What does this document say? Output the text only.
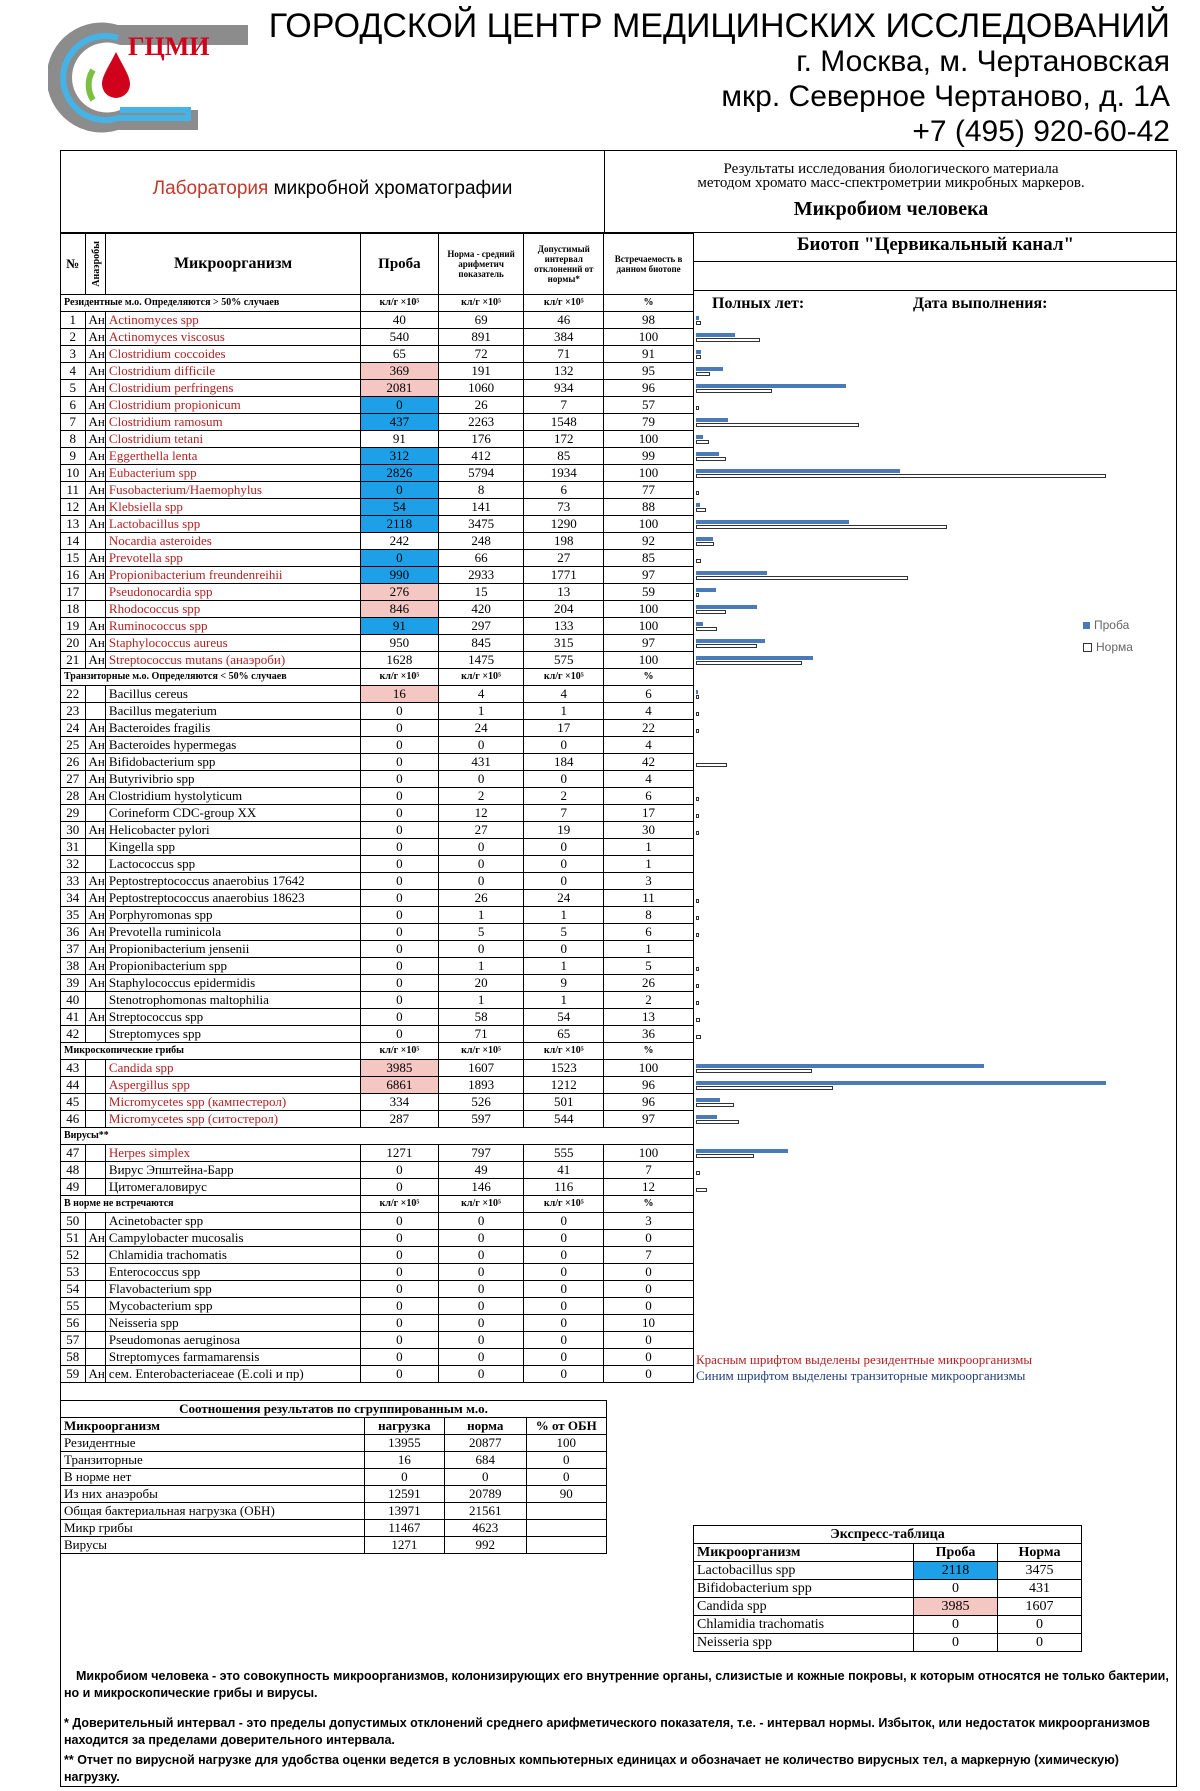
ГЦМИ
ГОРОДСКОЙ ЦЕНТР МЕДИЦИНСКИХ ИССЛЕДОВАНИЙ
г. Москва, м. Чертановская
мкр. Северное Чертаново, д. 1А
+7 (495) 920-60-42
Лаборатория микробной хроматографии
Результаты исследования биологического материала
методом хромато масс-спектрометрии микробных маркеров.
Микробиом человека
№	Анаэробы	Микроорганизм	Проба	Норма - средний арифметич показатель	Допустимый интервал отклонений от нормы*	Встречаемость в данном биотопе

Резидентные м.о. Определяются > 50% случаев			кл/г ×10⁵	кл/г ×10⁵	кл/г ×10⁵	%
1	Ан	Actinomyces spp	40	69	46	98
2	Ан	Actinomyces viscosus	540	891	384	100
3	Ан	Clostridium coccoides	65	72	71	91
4	Ан	Clostridium difficile	369	191	132	95
5	Ан	Clostridium perfringens	2081	1060	934	96
6	Ан	Clostridium propionicum	0	26	7	57
7	Ан	Clostridium ramosum	437	2263	1548	79
8	Ан	Clostridium tetani	91	176	172	100
9	Ан	Eggerthella lenta	312	412	85	99
10	Ан	Eubacterium spp	2826	5794	1934	100
11	Ан	Fusobacterium/Haemophylus	0	8	6	77
12	Ан	Klebsiella spp	54	141	73	88
13	Ан	Lactobacillus spp	2118	3475	1290	100
14		Nocardia asteroides	242	248	198	92
15	Ан	Prevotella spp	0	66	27	85
16	Ан	Propionibacterium freundenreihii	990	2933	1771	97
17		Pseudonocardia spp	276	15	13	59
18		Rhodococcus spp	846	420	204	100
19	Ан	Ruminococcus spp	91	297	133	100
20	Ан	Staphylococcus aureus	950	845	315	97
21	Ан	Streptococcus mutans (анаэроби)	1628	1475	575	100
Транзиторные м.о. Определяются < 50% случаев			кл/г ×10⁵	кл/г ×10⁵	кл/г ×10⁵	%
22		Bacillus cereus	16	4	4	6
23		Bacillus megaterium	0	1	1	4
24	Ан	Bacteroides fragilis	0	24	17	22
25	Ан	Bacteroides hypermegas	0	0	0	4
26	Ан	Bifidobacterium spp	0	431	184	42
27	Ан	Butyrivibrio spp	0	0	0	4
28	Ан	Clostridium hystolyticum	0	2	2	6
29		Corineform CDC-group XX	0	12	7	17
30	Ан	Helicobacter pylori	0	27	19	30
31		Kingella spp	0	0	0	1
32		Lactococcus spp	0	0	0	1
33	Ан	Peptostreptococcus anaerobius 17642	0	0	0	3
34	Ан	Peptostreptococcus anaerobius 18623	0	26	24	11
35	Ан	Porphyromonas spp	0	1	1	8
36	Ан	Prevotella ruminicola	0	5	5	6
37	Ан	Propionibacterium jensenii	0	0	0	1
38	Ан	Propionibacterium spp	0	1	1	5
39	Ан	Staphylococcus epidermidis	0	20	9	26
40		Stenotrophomonas maltophilia	0	1	1	2
41	Ан	Streptococcus spp	0	58	54	13
42		Streptomyces spp	0	71	65	36
Микроскопические грибы			кл/г ×10⁵	кл/г ×10⁵	кл/г ×10⁵	%
43		Candida spp	3985	1607	1523	100
44		Aspergillus spp	6861	1893	1212	96
45		Micromycetes spp (кампестерол)	334	526	501	96
46		Micromycetes spp (ситостерол)	287	597	544	97
Вирусы**						
47		Herpes simplex	1271	797	555	100
48		Вирус Эпштейна-Барр	0	49	41	7
49		Цитомегаловирус	0	146	116	12
В норме не встречаются			кл/г ×10⁵	кл/г ×10⁵	кл/г ×10⁵	%
50		Acinetobacter spp	0	0	0	3
51	Ан	Campylobacter mucosalis	0	0	0	0
52		Chlamidia trachomatis	0	0	0	7
53		Enterococcus spp	0	0	0	0
54		Flavobacterium spp	0	0	0	0
55		Mycobacterium spp	0	0	0	0
56		Neisseria spp	0	0	0	10
57		Pseudomonas aeruginosa	0	0	0	0
58		Streptomyces farmamarensis	0	0	0	0
59	Ан	сем. Enterobacteriaceae (E.coli и пр)	0	0	0	0
Биотоп "Цервикальный канал"
Полных лет:	Дата выполнения:
Проба
Норма
Красным шрифтом выделены резидентные микроорганизмы
Синим шрифтом выделены транзиторные микроорганизмы
Соотношения результатов по сгруппированным м.о.			
Микроорганизм	нагрузка	норма	% от ОБН
Резидентные	13955	20877	100
Транзиторные	16	684	0
В норме нет	0	0	0
Из них анаэробы	12591	20789	90
Общая бактериальная нагрузка (ОБН)	13971	21561	
Микр грибы	11467	4623	
Вирусы	1271	992	
Экспресс-таблица		
Микроорганизм	Проба	Норма
Lactobacillus spp	2118	3475
Bifidobacterium spp	0	431
Candida spp	3985	1607
Chlamidia trachomatis	0	0
Neisseria spp	0	0
Микробиом человека - это совокупность микроорганизмов, колонизирующих его внутренние органы, слизистые и кожные покровы, к которым относятся не только бактерии, но и микроскопические грибы и вирусы.
* Доверительный интервал - это пределы допустимых отклонений среднего арифметического показателя, т.е. - интервал нормы. Избыток, или недостаток микроорганизмов находится за пределами доверительного интервала.
** Отчет по вирусной нагрузке для удобства оценки ведется в условных компьютерных единицах и обозначает не количество вирусных тел, а маркерную (химическую) нагрузку.
